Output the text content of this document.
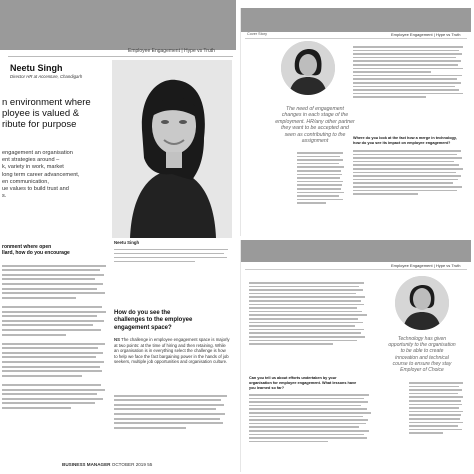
Employee Engagement | Hype vs Truth
Neetu Singh
Director HR at Accenture, Chandigarh
n environment where
ployee is valued &
ribute for purpose
engagement an organisation
ent strategies around –
k, variety in work, market
long term career advancement,
en communication,
ue values to build trust and
s.
ronment where open
llard, how do you encourage
Neetu Singh
How do you see the
challenges to the employee
engagement space?
NS The challenge in employee engagement space is majorly at two points: at the time of hiring and then retaining. While an organisation is in everything select the challenge is how to help we face the fact bargaining power in the hands of job seekers, multiple job opportunities and organisation culture.
BUSINESS MANAGER OCTOBER 2019 55
Cover Story	Employee Engagement | Hype vs Truth
The need of engagement
changes in each stage of the
employment. HR/any other partner
they want to be accepted and
seen as contributing to the
assignment
Where do you look at the fact how a merge in technology,
how do you see its impact on employee engagement?
Employee Engagement | Hype vs Truth
Can you tell us about efforts undertaken by your
organisation for employee engagement. What lessons have
you learned so far?
Technology has given
opportunity to the organisation
to be able to create
innovation and technical
course to ensure they stay
Employer of Choice
